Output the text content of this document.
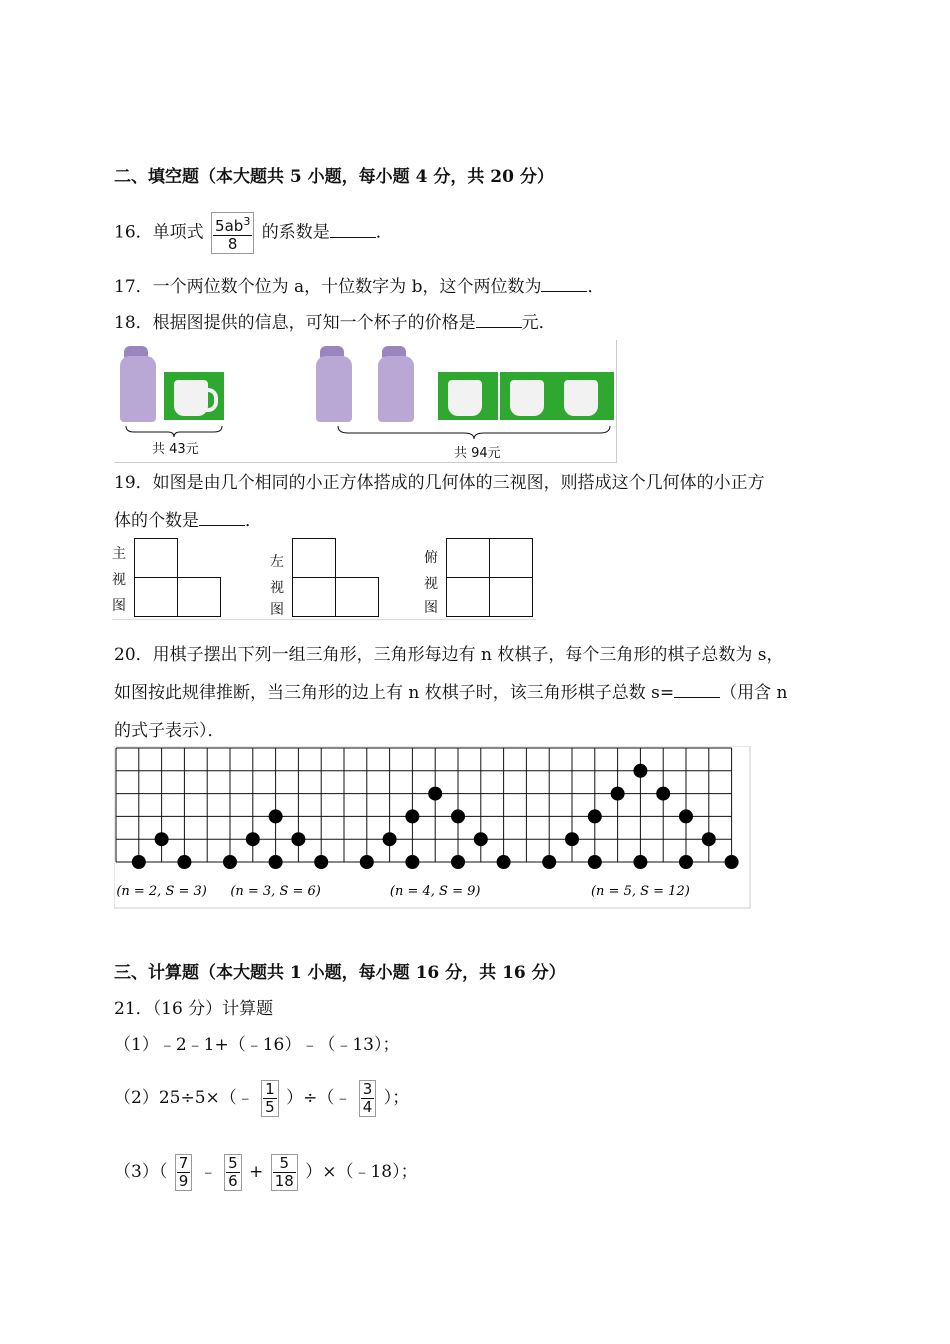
二、填空题（本大题共 5 小题，每小题 4 分，共 20 分）
16．单项式 $\frac{5ab^3}{8}$ 的系数是	．
17．一个两位数个位为 a，十位数字为 b，这个两位数为	．
18．根据图提供的信息，可知一个杯子的价格是	元．
共 43元	共 94元
19．如图是由几个相同的小正方体搭成的几何体的三视图，则搭成这个几何体的小正方
体的个数是	．
主
视
图
左
视
图
俯
视
图
20．用棋子摆出下列一组三角形，三角形每边有 n 枚棋子，每个三角形的棋子总数为 s，
如图按此规律推断，当三角形的边上有 n 枚棋子时，该三角形棋子总数 s=	（用含 n
的式子表示）．
(n = 2, S = 3) (n = 3, S = 6)	(n = 4, S = 9)	(n = 5, S = 12)
三、计算题（本大题共 1 小题，每小题 16 分，共 16 分）
21．（16 分）计算题
（1）﹣2﹣1+（﹣16）﹣（﹣13）；
（2）25÷5×（﹣ $\frac{1}{5}$ ）÷（﹣ $\frac{3}{4}$ ）；
$(3)( \frac{7}{9}$ ﹣ $\frac{5}{6} + \frac{5}{18}$ ）×（﹣18）；
